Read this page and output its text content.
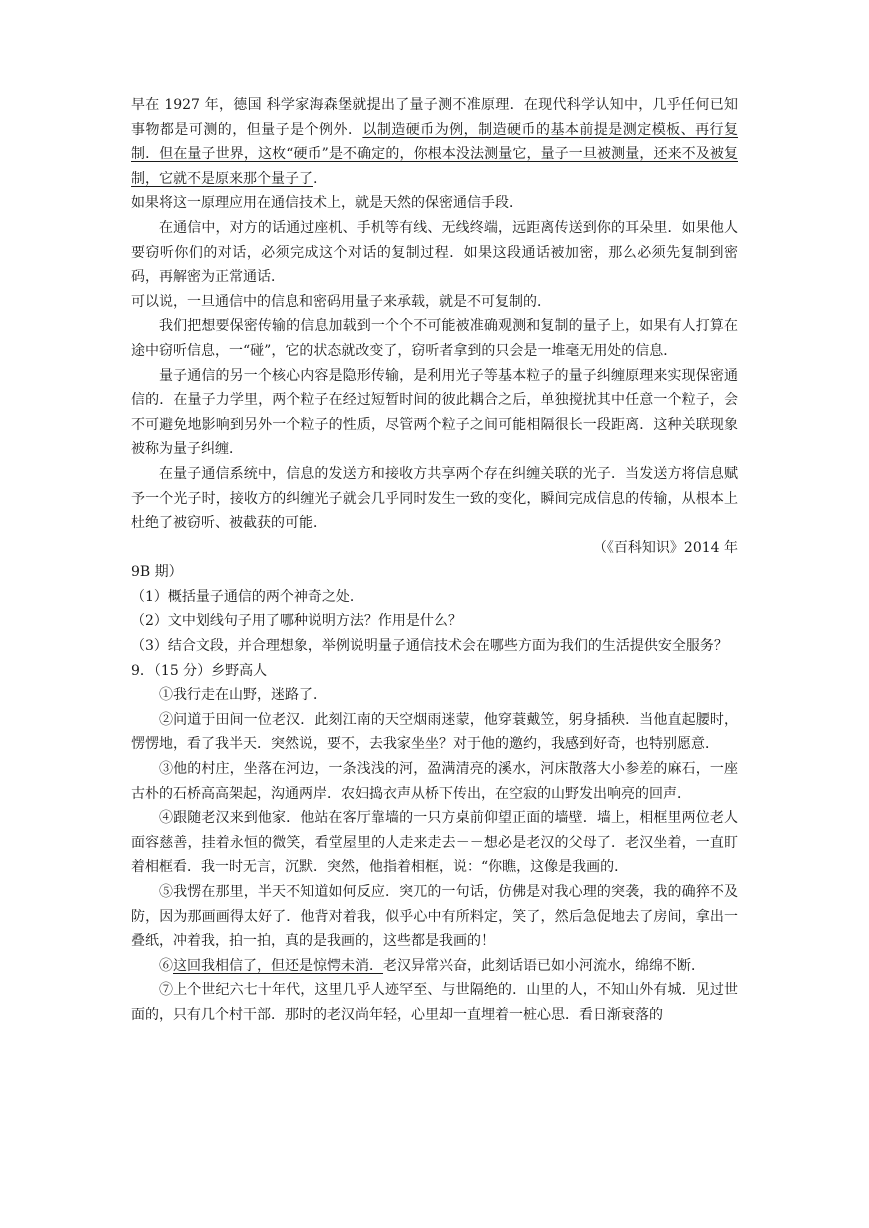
早在 1927 年，德国 科学家海森堡就提出了量子测不准原理．在现代科学认知中，几乎任何已知事物都是可测的，但量子是个例外．以制造硬币为例，制造硬币的基本前提是测定模板、再行复制．但在量子世界，这枚“硬币”是不确定的，你根本没法测量它，量子一旦被测量，还来不及被复制，它就不是原来那个量子了.

如果将这一原理应用在通信技术上，就是天然的保密通信手段．

在通信中，对方的话通过座机、手机等有线、无线终端，远距离传送到你的耳朵里．如果他人要窃听你们的对话，必须完成这个对话的复制过程．如果这段通话被加密，那么必须先复制到密码，再解密为正常通话．

可以说，一旦通信中的信息和密码用量子来承载，就是不可复制的．

我们把想要保密传输的信息加载到一个个不可能被准确观测和复制的量子上，如果有人打算在途中窃听信息，一“碰”，它的状态就改变了，窃听者拿到的只会是一堆毫无用处的信息．

量子通信的另一个核心内容是隐形传输，是利用光子等基本粒子的量子纠缠原理来实现保密通信的．在量子力学里，两个粒子在经过短暂时间的彼此耦合之后，单独搅扰其中任意一个粒子，会不可避免地影响到另外一个粒子的性质，尽管两个粒子之间可能相隔很长一段距离．这种关联现象被称为量子纠缠．

在量子通信系统中，信息的发送方和接收方共享两个存在纠缠关联的光子．当发送方将信息赋予一个光子时，接收方的纠缠光子就会几乎同时发生一致的变化，瞬间完成信息的传输，从根本上杜绝了被窃听、被截获的可能．

（《百科知识》2014 年

9B 期）

（1）概括量子通信的两个神奇之处．

（2）文中划线句子用了哪种说明方法？作用是什么？

（3）结合文段，并合理想象，举例说明量子通信技术会在哪些方面为我们的生活提供安全服务？

9．（15 分）乡野高人

①我行走在山野，迷路了．

②问道于田间一位老汉．此刻江南的天空烟雨迷蒙，他穿蓑戴笠，躬身插秧．当他直起腰时，愣愣地，看了我半天．突然说，要不，去我家坐坐？对于他的邀约，我感到好奇，也特别愿意．

③他的村庄，坐落在河边，一条浅浅的河，盈满清亮的溪水，河床散落大小参差的麻石，一座古朴的石桥高高架起，沟通两岸．农妇捣衣声从桥下传出，在空寂的山野发出响亮的回声．

④跟随老汉来到他家．他站在客厅靠墙的一只方桌前仰望正面的墙壁．墙上，相框里两位老人面容慈善，挂着永恒的微笑，看堂屋里的人走来走去－－想必是老汉的父母了．老汉坐着，一直盯着相框看．我一时无言，沉默．突然，他指着相框，说：“你瞧，这像是我画的．

⑤我愣在那里，半天不知道如何反应．突兀的一句话，仿佛是对我心理的突袭，我的确猝不及防，因为那画画得太好了．他背对着我，似乎心中有所料定，笑了，然后急促地去了房间，拿出一叠纸，冲着我，拍一拍，真的是我画的，这些都是我画的！

⑥这回我相信了，但还是惊愕未消．老汉异常兴奋，此刻话语已如小河流水，绵绵不断．

⑦上个世纪六七十年代，这里几乎人迹罕至、与世隔绝的．山里的人，不知山外有城．见过世面的，只有几个村干部．那时的老汉尚年轻，心里却一直埋着一桩心思．看日渐衰落的
